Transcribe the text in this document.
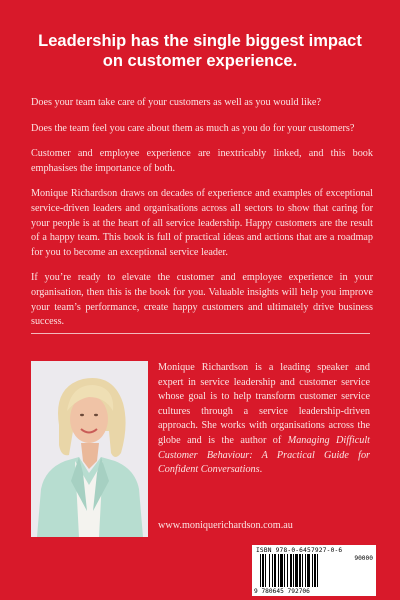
Leadership has the single biggest impact on customer experience.

Does your team take care of your customers as well as you would like?

Does the team feel you care about them as much as you do for your customers?

Customer and employee experience are inextricably linked, and this book emphasises the importance of both.

Monique Richardson draws on decades of experience and examples of exceptional service-driven leaders and organisations across all sectors to show that caring for your people is at the heart of all service leadership. Happy customers are the result of a happy team. This book is full of practical ideas and actions that are a roadmap for you to become an exceptional service leader.

If you’re ready to elevate the customer and employee experience in your organisation, then this is the book for you. Valuable insights will help you improve your team’s performance, create happy customers and ultimately drive business success.

Monique Richardson is a leading speaker and expert in service leadership and customer service whose goal is to help transform customer service cultures through a service leadership-driven approach. She works with organisations across the globe and is the author of Managing Difficult Customer Behaviour: A Practical Guide for Confident Conversations.

www.moniquerichardson.com.au
ISBN 978-0-6457927-0-6
90000
9 780645 792706
